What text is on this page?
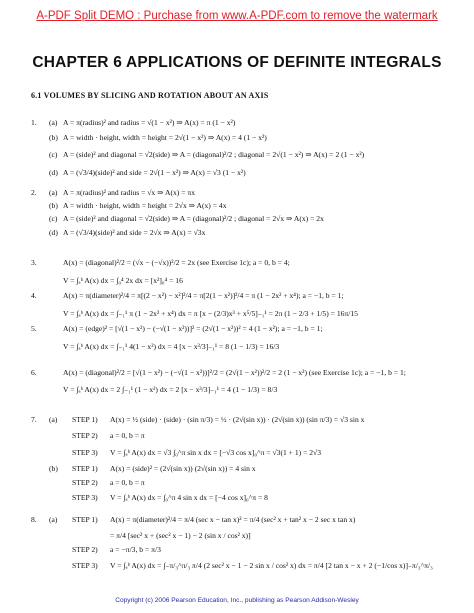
A-PDF Split DEMO : Purchase from www.A-PDF.com to remove the watermark
CHAPTER 6 APPLICATIONS OF DEFINITE INTEGRALS
6.1 VOLUMES BY SLICING AND ROTATION ABOUT AN AXIS
1. (a) A = π(radius)² and radius = √(1 − x²) ⇒ A(x) = π (1 − x²)
(b) A = width · height, width = height = 2√(1 − x²) ⇒ A(x) = 4 (1 − x²)
(c) A = (side)² and diagonal = √2(side) ⇒ A = (diagonal)²/2 ; diagonal = 2√(1 − x²) ⇒ A(x) = 2 (1 − x²)
(d) A = (√3/4)(side)² and side = 2√(1 − x²) ⇒ A(x) = √3 (1 − x²)
2. (a) A = π(radius)² and radius = √x ⇒ A(x) = πx
(b) A = width · height, width = height = 2√x ⇒ A(x) = 4x
(c) A = (side)² and diagonal = √2(side) ⇒ A = (diagonal)²/2 ; diagonal = 2√x ⇒ A(x) = 2x
(d) A = (√3/4)(side)² and side = 2√x ⇒ A(x) = √3x
3.	A(x) = (diagonal)²/2 = (√x − (−√x))²/2 = 2x (see Exercise 1c); a = 0, b = 4;
V = ∫ₐᵇ A(x) dx = ∫₀⁴ 2x dx = [x²]₀⁴ = 16
4.	A(x) = π(diameter)²/4 = π[(2 − x²) − x²]²/4 = π[2(1 − x²)]²/4 = π (1 − 2x² + x⁴); a = −1, b = 1;
V = ∫ₐᵇ A(x) dx = ∫₋₁¹ π (1 − 2x² + x⁴) dx = π [x − (2/3)x³ + x⁵/5]₋₁¹ = 2π (1 − 2/3 + 1/5) = 16π/15
5.	A(x) = (edge)² = [√(1 − x²) − (−√(1 − x²))]² = (2√(1 − x²))² = 4 (1 − x²); a = −1, b = 1;
V = ∫ₐᵇ A(x) dx = ∫₋₁¹ 4(1 − x²) dx = 4 [x − x³/3]₋₁¹ = 8 (1 − 1/3) = 16/3
6.	A(x) = (diagonal)²/2 = [√(1 − x²) − (−√(1 − x²))]²/2 = (2√(1 − x²))²/2 = 2 (1 − x²) (see Exercise 1c); a = −1, b = 1;
V = ∫ₐᵇ A(x) dx = 2 ∫₋₁¹ (1 − x²) dx = 2 [x − x³/3]₋₁¹ = 4 (1 − 1/3) = 8/3
7. (a) STEP 1) A(x) = ½ (side) · (side) · (sin π/3) = ½ · (2√(sin x)) · (2√(sin x)) (sin π/3) = √3 sin x
STEP 2) a = 0, b = π
STEP 3) V = ∫ₐᵇ A(x) dx = √3 ∫₀^π sin x dx = [−√3 cos x]₀^π = √3(1 + 1) = 2√3
(b) STEP 1) A(x) = (side)² = (2√(sin x)) (2√(sin x)) = 4 sin x
STEP 2) a = 0, b = π
STEP 3) V = ∫ₐᵇ A(x) dx = ∫₀^π 4 sin x dx = [−4 cos x]₀^π = 8
8. (a) STEP 1) A(x) = π(diameter)²/4 = π/4 (sec x − tan x)² = π/4 (sec² x + tan² x − 2 sec x tan x)
= π/4 [sec² x + (sec² x − 1) − 2 (sin x / cos² x)]
STEP 2) a = −π/3, b = π/3
STEP 3) V = ∫ₐᵇ A(x) dx = ∫₋π/₃^π/₃ π/4 (2 sec² x − 1 − 2 sin x / cos² x) dx = π/4 [2 tan x − x + 2 (−1/cos x)]₋π/₃^π/₃
Copyright (c) 2006 Pearson Education, Inc., publishing as Pearson Addison-Wesley
